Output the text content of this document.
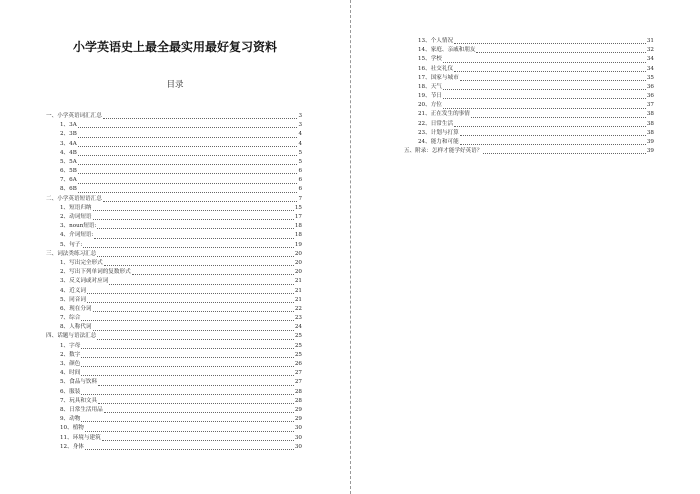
小学英语史上最全最实用最好复习资料
目录
一、小学英语词汇汇总	3
1、3A	3
2、3B	4
3、4A	4
4、4B	5
5、5A	5
6、5B	6
7、6A	6
8、6B	6
二、小学英语短语汇总	7
1、短语归纳	15
2、动词短语	17
3、noun短语:	18
4、介词短语:	18
5、句子:	19
三、词法类练习汇总	20
1、写出完全形式	20
2、写出下列单词的复数形式	20
3、反义词或对应词	21
4、近义词	21
5、同音词	21
6、现在分词	22
7、综合	23
8、人称代词	24
四、话题与语法汇总	25
1、字母	25
2、数字	25
3、颜色	26
4、时间	27
5、食品与饮料	27
6、服装	28
7、玩具和文具	28
8、日常生活用品	29
9、动物	29
10、植物	30
11、环境与建筑	30
12、身体	30
13、个人情况	31
14、家庭、亲戚和朋友	32
15、学校	34
16、社交礼仪	34
17、国家与城市	35
18、天气	36
19、节日	36
20、方位	37
21、正在发生的事情	38
22、日常生活	38
23、计划与打算	38
24、能力和可能	39
五、附录：怎样才能学好英语？	39
